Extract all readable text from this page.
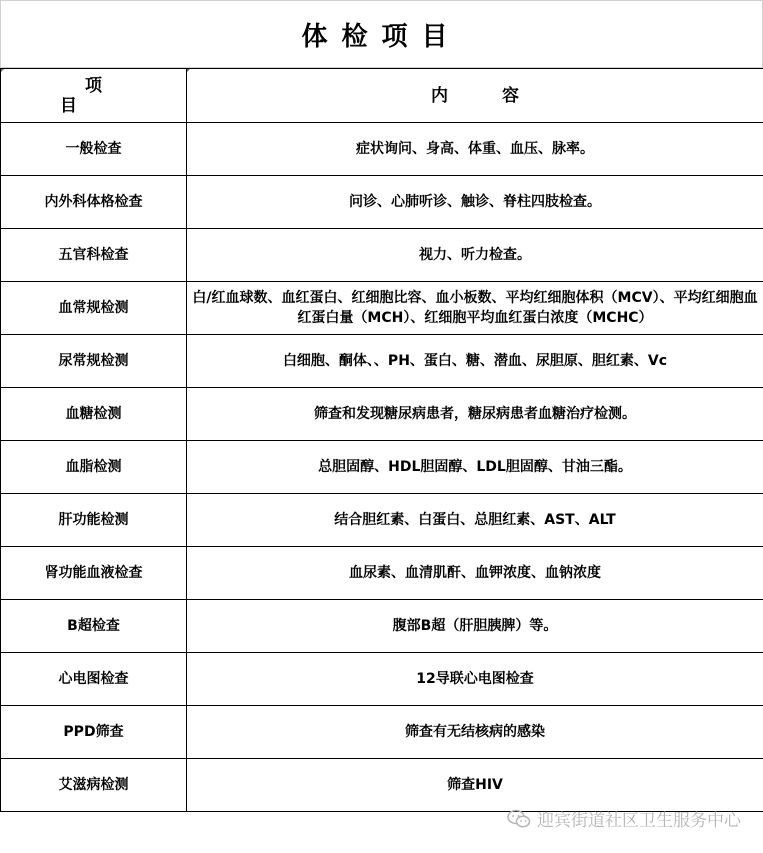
体检项目
项目	内容
一般检查	症状询问、身高、体重、血压、脉率。
内外科体格检查	问诊、心肺听诊、触诊、脊柱四肢检查。
五官科检查	视力、听力检查。
血常规检测	白/红血球数、血红蛋白、红细胞比容、血小板数、平均红细胞体积（MCV）、平均红细胞血红蛋白量（MCH）、红细胞平均血红蛋白浓度（MCHC）
尿常规检测	白细胞、酮体、、PH、蛋白、糖、潜血、尿胆原、胆红素、Vc
血糖检测	筛查和发现糖尿病患者，糖尿病患者血糖治疗检测。
血脂检测	总胆固醇、HDL胆固醇、LDL胆固醇、甘油三酯。
肝功能检测	结合胆红素、白蛋白、总胆红素、AST、ALT
肾功能血液检查	血尿素、血清肌酐、血钾浓度、血钠浓度
B超检查	腹部B超（肝胆胰脾）等。
心电图检查	12导联心电图检查
PPD筛查	筛查有无结核病的感染
艾滋病检测	筛查HIV
迎宾街道社区卫生服务中心
